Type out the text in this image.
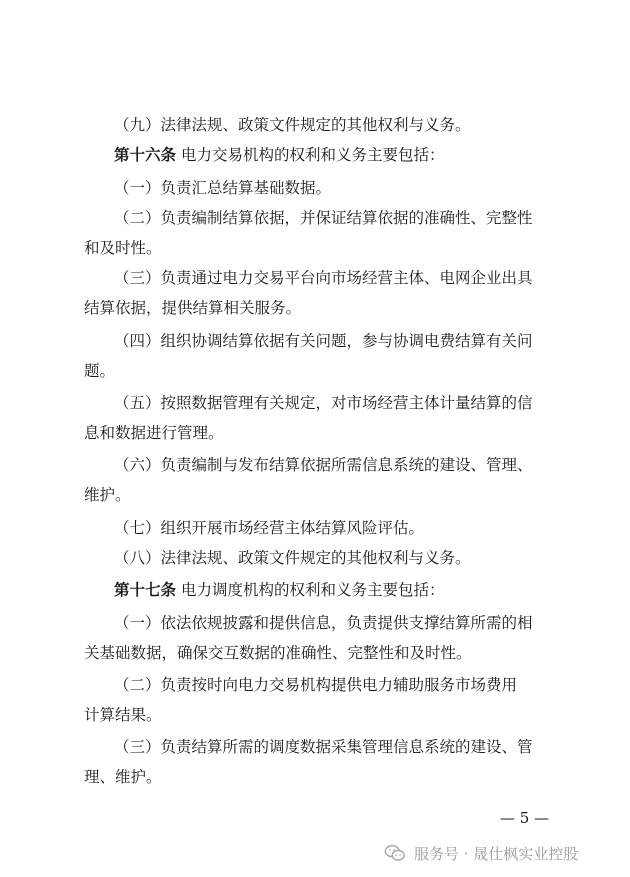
（九）法律法规、政策文件规定的其他权利与义务。
第十六条 电力交易机构的权利和义务主要包括：
（一）负责汇总结算基础数据。
（二）负责编制结算依据，并保证结算依据的准确性、完整性
和及时性。
（三）负责通过电力交易平台向市场经营主体、电网企业出具
结算依据，提供结算相关服务。
（四）组织协调结算依据有关问题，参与协调电费结算有关问
题。
（五）按照数据管理有关规定，对市场经营主体计量结算的信
息和数据进行管理。
（六）负责编制与发布结算依据所需信息系统的建设、管理、
维护。
（七）组织开展市场经营主体结算风险评估。
（八）法律法规、政策文件规定的其他权利与义务。
第十七条 电力调度机构的权利和义务主要包括：
（一）依法依规披露和提供信息，负责提供支撑结算所需的相
关基础数据，确保交互数据的准确性、完整性和及时性。
（二）负责按时向电力交易机构提供电力辅助服务市场费用
计算结果。
（三）负责结算所需的调度数据采集管理信息系统的建设、管
理、维护。
— 5 —
服务号 · 晟仕枫实业控股
